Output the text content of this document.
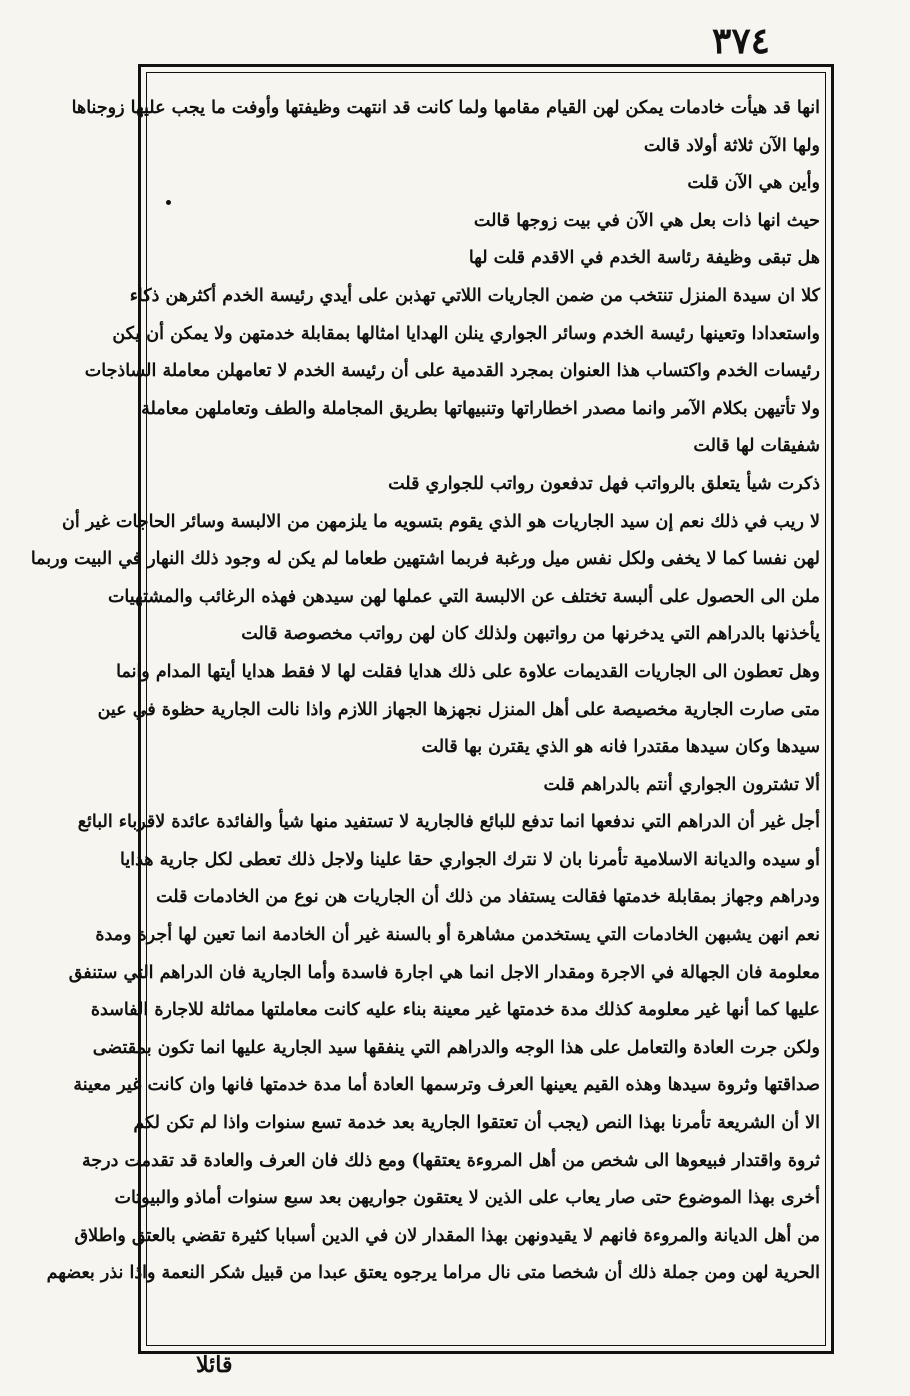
٣٧٤
انها قد هيأت خادمات يمكن لهن القيام مقامها ولما كانت قد انتهت وظيفتها وأوفت ما يجب عليها زوجناها
ولها الآن ثلاثة أولاد قالت
وأين هي الآن قلت
حيث انها ذات بعل هي الآن في بيت زوجها قالت
هل تبقى وظيفة رئاسة الخدم في الاقدم قلت لها
كلا ان سيدة المنزل تنتخب من ضمن الجاريات اللاتي تهذبن على أيدي رئيسة الخدم أكثرهن ذكاء
واستعدادا وتعينها رئيسة الخدم وسائر الجواري ينلن الهدايا امثالها بمقابلة خدمتهن ولا يمكن أن يكن
رئيسات الخدم واكتساب هذا العنوان بمجرد القدمية على أن رئيسة الخدم لا تعامهلن معاملة الساذجات
ولا تأتيهن بكلام الآمر وانما مصدر اخطاراتها وتنبيهاتها بطريق المجاملة والطف وتعاملهن معاملة
شفيقات لها قالت
ذكرت شيأ يتعلق بالرواتب فهل تدفعون رواتب للجواري قلت
لا ريب في ذلك نعم إن سيد الجاريات هو الذي يقوم بتسويه ما يلزمهن من الالبسة وسائر الحاجات غير أن
لهن نفسا كما لا يخفى ولكل نفس ميل ورغبة فربما اشتهين طعاما لم يكن له وجود ذلك النهار في البيت وربما
ملن الى الحصول على ألبسة تختلف عن الالبسة التي عملها لهن سيدهن فهذه الرغائب والمشتهيات
يأخذنها بالدراهم التي يدخرنها من رواتبهن ولذلك كان لهن رواتب مخصوصة قالت
وهل تعطون الى الجاريات القديمات علاوة على ذلك هدايا فقلت لها لا فقط هدايا أيتها المدام وانما
متى صارت الجارية مخصيصة على أهل المنزل نجهزها الجهاز اللازم واذا نالت الجارية حظوة في عين
سيدها وكان سيدها مقتدرا فانه هو الذي يقترن بها قالت
ألا تشترون الجواري أنتم بالدراهم قلت
أجل غير أن الدراهم التي ندفعها انما تدفع للبائع فالجارية لا تستفيد منها شيأ والفائدة عائدة لاقرباء البائع
أو سيده والديانة الاسلامية تأمرنا بان لا نترك الجواري حقا علينا ولاجل ذلك تعطى لكل جارية هدايا
ودراهم وجهاز بمقابلة خدمتها فقالت يستفاد من ذلك أن الجاريات هن نوع من الخادمات قلت
نعم انهن يشبهن الخادمات التي يستخدمن مشاهرة أو بالسنة غير أن الخادمة انما تعين لها أجرة ومدة
معلومة فان الجهالة في الاجرة ومقدار الاجل انما هي اجارة فاسدة وأما الجارية فان الدراهم التي ستنفق
عليها كما أنها غير معلومة كذلك مدة خدمتها غير معينة بناء عليه كانت معاملتها مماثلة للاجارة الفاسدة
ولكن جرت العادة والتعامل على هذا الوجه والدراهم التي ينفقها سيد الجارية عليها انما تكون بمقتضى
صداقتها وثروة سيدها وهذه القيم يعينها العرف وترسمها العادة أما مدة خدمتها فانها وان كانت غير معينة
الا أن الشريعة تأمرنا بهذا النص (يجب أن تعتقوا الجارية بعد خدمة تسع سنوات واذا لم تكن لكم
ثروة واقتدار فبيعوها الى شخص من أهل المروءة يعتقها) ومع ذلك فان العرف والعادة قد تقدمت درجة
أخرى بهذا الموضوع حتى صار يعاب على الذين لا يعتقون جواريهن بعد سبع سنوات أماذو والبيوتات
من أهل الديانة والمروءة فانهم لا يقيدونهن بهذا المقدار لان في الدين أسبابا كثيرة تقضي بالعتق واطلاق
الحرية لهن ومن جملة ذلك أن شخصا متى نال مراما يرجوه يعتق عبدا من قبيل شكر النعمة واذا نذر بعضهم
قائلا
